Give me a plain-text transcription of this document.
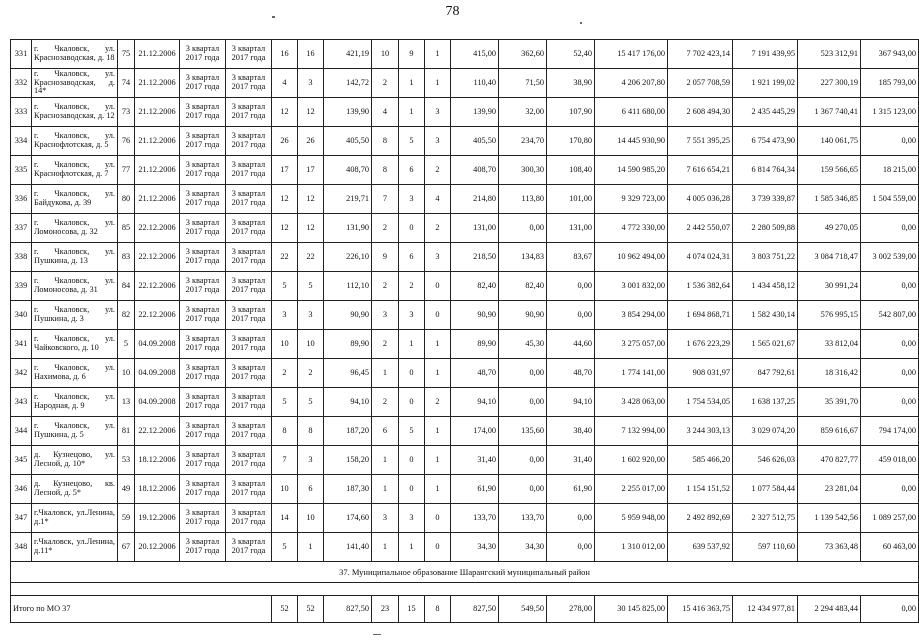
78
331	г. Чкаловск, ул. Краснозаводская, д. 18	75	21.12.2006	3 квартал 2017 года	3 квартал 2017 года	16	16	421,19	10	9	1	415,00	362,60	52,40	15 417 176,00	7 702 423,14	7 191 439,95	523 312,91	367 943,00
332	г. Чкаловск, ул. Краснозаводская, д. 14*	74	21.12.2006	3 квартал 2017 года	3 квартал 2017 года	4	3	142,72	2	1	1	110,40	71,50	38,90	4 206 207,80	2 057 708,59	1 921 199,02	227 300,19	185 793,00
333	г. Чкаловск, ул. Краснозаводская, д. 12	73	21.12.2006	3 квартал 2017 года	3 квартал 2017 года	12	12	139,90	4	1	3	139,90	32,00	107,90	6 411 680,00	2 608 494,30	2 435 445,29	1 367 740,41	1 315 123,00
334	г. Чкаловск, ул. Краснофлотская, д. 5	76	21.12.2006	3 квартал 2017 года	3 квартал 2017 года	26	26	405,50	8	5	3	405,50	234,70	170,80	14 445 930,90	7 551 395,25	6 754 473,90	140 061,75	0,00
335	г. Чкаловск, ул. Краснофлотская, д. 7	77	21.12.2006	3 квартал 2017 года	3 квартал 2017 года	17	17	408,70	8	6	2	408,70	300,30	108,40	14 590 985,20	7 616 654,21	6 814 764,34	159 566,65	18 215,00
336	г. Чкаловск, ул. Байдукова, д. 39	80	21.12.2006	3 квартал 2017 года	3 квартал 2017 года	12	12	219,71	7	3	4	214,80	113,80	101,00	9 329 723,00	4 005 036,28	3 739 339,87	1 585 346,85	1 504 559,00
337	г. Чкаловск, ул. Ломоносова, д. 32	85	22.12.2006	3 квартал 2017 года	3 квартал 2017 года	12	12	131,90	2	0	2	131,00	0,00	131,00	4 772 330,00	2 442 550,07	2 280 509,88	49 270,05	0,00
338	г. Чкаловск, ул. Пушкина, д. 13	83	22.12.2006	3 квартал 2017 года	3 квартал 2017 года	22	22	226,10	9	6	3	218,50	134,83	83,67	10 962 494,00	4 074 024,31	3 803 751,22	3 084 718,47	3 002 539,00
339	г. Чкаловск, ул. Ломоносова, д. 31	84	22.12.2006	3 квартал 2017 года	3 квартал 2017 года	5	5	112,10	2	2	0	82,40	82,40	0,00	3 001 832,00	1 536 382,64	1 434 458,12	30 991,24	0,00
340	г. Чкаловск, ул. Пушкина, д. 3	82	22.12.2006	3 квартал 2017 года	3 квартал 2017 года	3	3	90,90	3	3	0	90,90	90,90	0,00	3 854 294,00	1 694 868,71	1 582 430,14	576 995,15	542 807,00
341	г. Чкаловск, ул. Чайковского, д. 10	5	04.09.2008	3 квартал 2017 года	3 квартал 2017 года	10	10	89,90	2	1	1	89,90	45,30	44,60	3 275 057,00	1 676 223,29	1 565 021,67	33 812,04	0,00
342	г. Чкаловск, ул. Нахимова, д. 6	10	04.09.2008	3 квартал 2017 года	3 квартал 2017 года	2	2	96,45	1	0	1	48,70	0,00	48,70	1 774 141,00	908 031,97	847 792,61	18 316,42	0,00
343	г. Чкаловск, ул. Народная, д. 9	13	04.09.2008	3 квартал 2017 года	3 квартал 2017 года	5	5	94,10	2	0	2	94,10	0,00	94,10	3 428 063,00	1 754 534,05	1 638 137,25	35 391,70	0,00
344	г. Чкаловск, ул. Пушкина, д. 5	81	22.12.2006	3 квартал 2017 года	3 квартал 2017 года	8	8	187,20	6	5	1	174,00	135,60	38,40	7 132 994,00	3 244 303,13	3 029 074,20	859 616,67	794 174,00
345	д. Кузнецово, ул. Лесной, д. 10*	53	18.12.2006	3 квартал 2017 года	3 квартал 2017 года	7	3	158,20	1	0	1	31,40	0,00	31,40	1 602 920,00	585 466,20	546 626,03	470 827,77	459 018,00
346	д. Кузнецово, кв. Лесной, д. 5*	49	18.12.2006	3 квартал 2017 года	3 квартал 2017 года	10	6	187,30	1	0	1	61,90	0,00	61,90	2 255 017,00	1 154 151,52	1 077 584,44	23 281,04	0,00
347	г.Чкаловск, ул.Ленина, д.1*	59	19.12.2006	3 квартал 2017 года	3 квартал 2017 года	14	10	174,60	3	3	0	133,70	133,70	0,00	5 959 948,00	2 492 892,69	2 327 512,75	1 139 542,56	1 089 257,00
348	г.Чкаловск, ул.Ленина, д.11*	67	20.12.2006	3 квартал 2017 года	3 квартал 2017 года	5	1	141,40	1	1	0	34,30	34,30	0,00	1 310 012,00	639 537,92	597 110,60	73 363,48	60 463,00
37. Муниципальное образование Шарангский муниципальный район																			

Итого по МО 37						52	52	827,50	23	15	8	827,50	549,50	278,00	30 145 825,00	15 416 363,75	12 434 977,81	2 294 483,44	0,00
